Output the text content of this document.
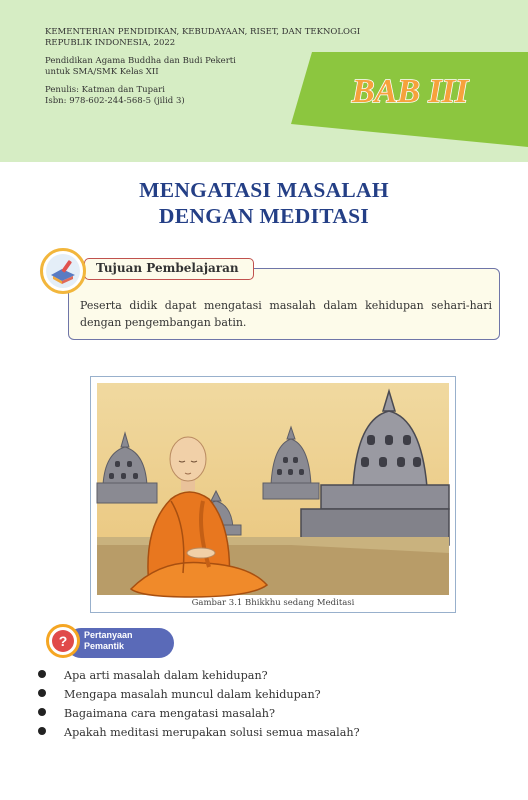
KEMENTERIAN PENDIDIKAN, KEBUDAYAAN, RISET, DAN TEKNOLOGI
REPUBLIK INDONESIA, 2022
Pendidikan Agama Buddha dan Budi Pekerti
untuk SMA/SMK Kelas XII
Penulis: Katman dan Tupari
Isbn: 978-602-244-568-5 (jilid 3)	BAB III
MENGATASI MASALAH
DENGAN MEDITASI
Tujuan Pembelajaran
Peserta didik dapat mengatasi masalah dalam kehidupan sehari-hari dengan pengembangan batin.
Gambar 3.1 Bhikkhu sedang Meditasi
? Pertanyaan
Pemantik
Apa arti masalah dalam kehidupan?
Mengapa masalah muncul dalam kehidupan?
Bagaimana cara mengatasi masalah?
Apakah meditasi merupakan solusi semua masalah?
